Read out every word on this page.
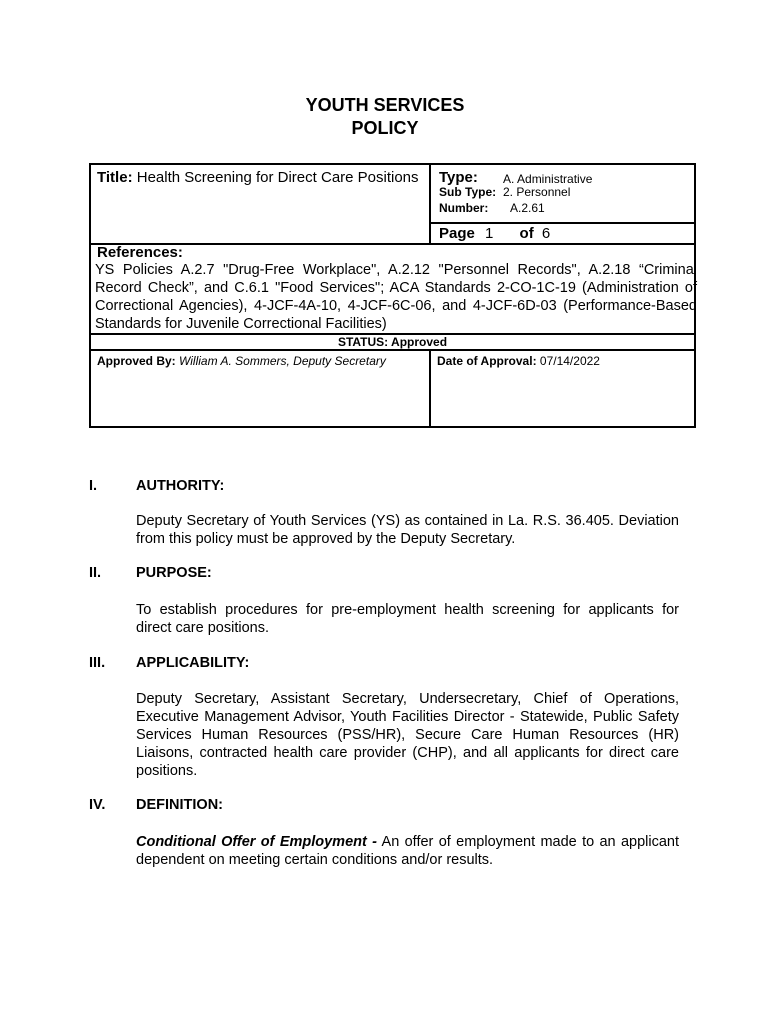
YOUTH SERVICES
POLICY
Title: Health Screening for Direct Care Positions Type: A. Administrative
Sub Type: 2. Personnel
Number: A.2.61
Page 1 of 6
References:
YS Policies A.2.7 "Drug-Free Workplace", A.2.12 "Personnel Records", A.2.18 “Criminal Record Check”, and C.6.1 "Food Services"; ACA Standards 2-CO-1C-19 (Administration of Correctional Agencies), 4-JCF-4A-10, 4-JCF-6C-06, and 4-JCF-6D-03 (Performance-Based Standards for Juvenile Correctional Facilities)
STATUS: Approved
Approved By: William A. Sommers, Deputy Secretary	Date of Approval: 07/14/2022
I.	AUTHORITY:
Deputy Secretary of Youth Services (YS) as contained in La. R.S. 36.405. Deviation from this policy must be approved by the Deputy Secretary.
II. PURPOSE:
To establish procedures for pre-employment health screening for applicants for direct care positions.
III. APPLICABILITY:
Deputy Secretary, Assistant Secretary, Undersecretary, Chief of Operations, Executive Management Advisor, Youth Facilities Director - Statewide, Public Safety Services Human Resources (PSS/HR), Secure Care Human Resources (HR) Liaisons, contracted health care provider (CHP), and all applicants for direct care positions.
IV. DEFINITION:
Conditional Offer of Employment - An offer of employment made to an applicant dependent on meeting certain conditions and/or results.
